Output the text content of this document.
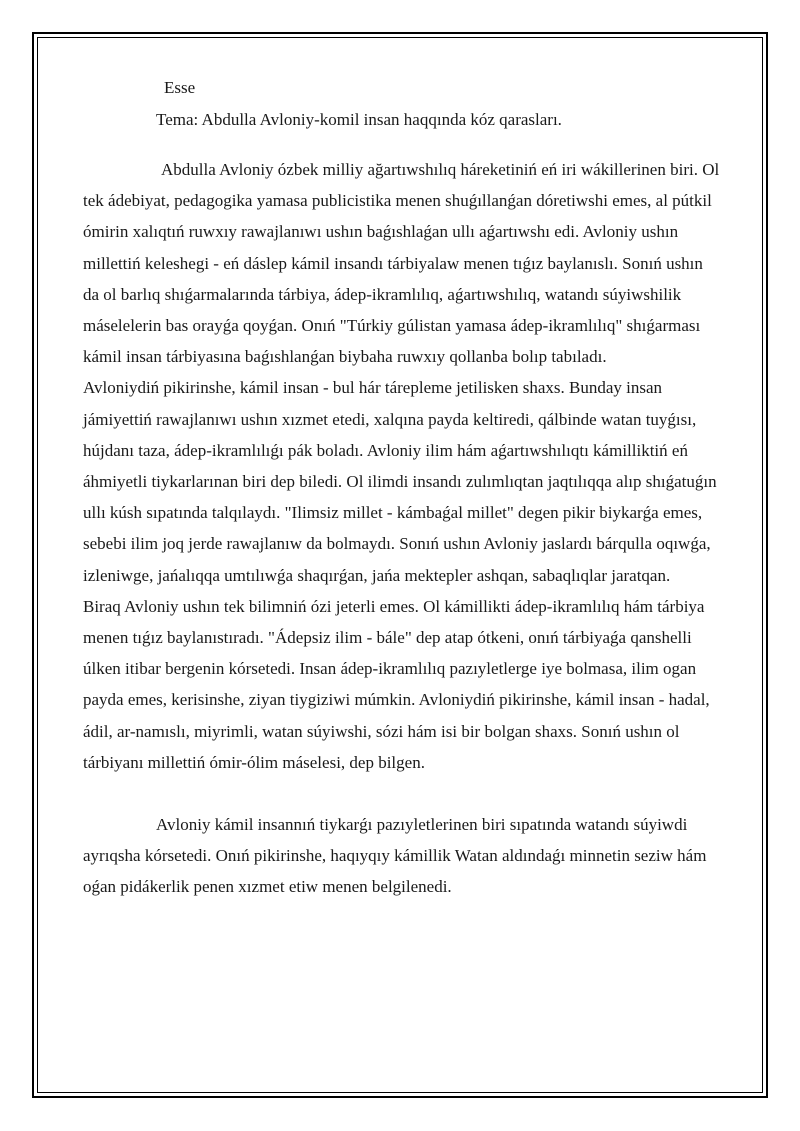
Esse

Tema: Abdulla Avloniy-komil insan haqqında kóz qarasları.

Abdulla Avloniy ózbek milliy ağartıwshılıq háreketiniń eń iri wákillerinen biri. Ol tek ádebiyat, pedagogika yamasa publicistika menen shuǵıllanǵan dóretiwshi emes, al pútkil ómirin xalıqtıń ruwxıy rawajlanıwı ushın baǵıshlaǵan ullı aǵartıwshı edi. Avloniy ushın millettiń keleshegi - eń dáslep kámil insandı tárbiyalaw menen tıǵız baylanıslı. Sonıń ushın da ol barlıq shıǵarmalarında tárbiya, ádep-ikramlılıq, aǵartıwshılıq, watandı súyiwshilik máselelerin bas orayǵa qoyǵan. Onıń "Túrkiy gúlistan yamasa ádep-ikramlılıq" shıǵarması kámil insan tárbiyasına baǵıshlanǵan biybaha ruwxıy qollanba bolıp tabıladı.

Avloniydiń pikirinshe, kámil insan - bul hár tárepleme jetilisken shaxs. Bunday insan jámiyettiń rawajlanıwı ushın xızmet etedi, xalqına payda keltiredi, qálbinde watan tuyǵısı, hújdanı taza, ádep-ikramlılıǵı pák boladı. Avloniy ilim hám aǵartıwshılıqtı kámilliktiń eń áhmiyetli tiykarlarınan biri dep biledi. Ol ilimdi insandı zulımlıqtan jaqtılıqqa alıp shıǵatuǵın ullı kúsh sıpatında talqılaydı. "Ilimsiz millet - kámbaǵal millet" degen pikir biykarǵa emes, sebebi ilim joq jerde rawajlanıw da bolmaydı. Sonıń ushın Avloniy jaslardı bárqulla oqıwǵa, izleniwge, jańalıqqa umtılıwǵa shaqırǵan, jańa mektepler ashqan, sabaqlıqlar jaratqan.

Biraq Avloniy ushın tek bilimniń ózi jeterli emes. Ol kámillikti ádep-ikramlılıq hám tárbiya menen tıǵız baylanıstıradı. "Ádepsiz ilim - bále" dep atap ótkeni, onıń tárbiyaǵa qanshelli úlken itibar bergenin kórsetedi. Insan ádep-ikramlılıq pazıyletlerge iye bolmasa, ilim ogan payda emes, kerisinshe, ziyan tiygiziwi múmkin. Avloniydiń pikirinshe, kámil insan - hadal, ádil, ar-namıslı, miyrimli, watan súyiwshi, sózi hám isi bir bolgan shaxs. Sonıń ushın ol tárbiyanı millettiń ómir-ólim máselesi, dep bilgen.

Avloniy kámil insannıń tiykarǵı pazıyletlerinen biri sıpatında watandı súyiwdi ayrıqsha kórsetedi. Onıń pikirinshe, haqıyqıy kámillik Watan aldındaǵı minnetin seziw hám oǵan pidákerlik penen xızmet etiw menen belgilenedi.
